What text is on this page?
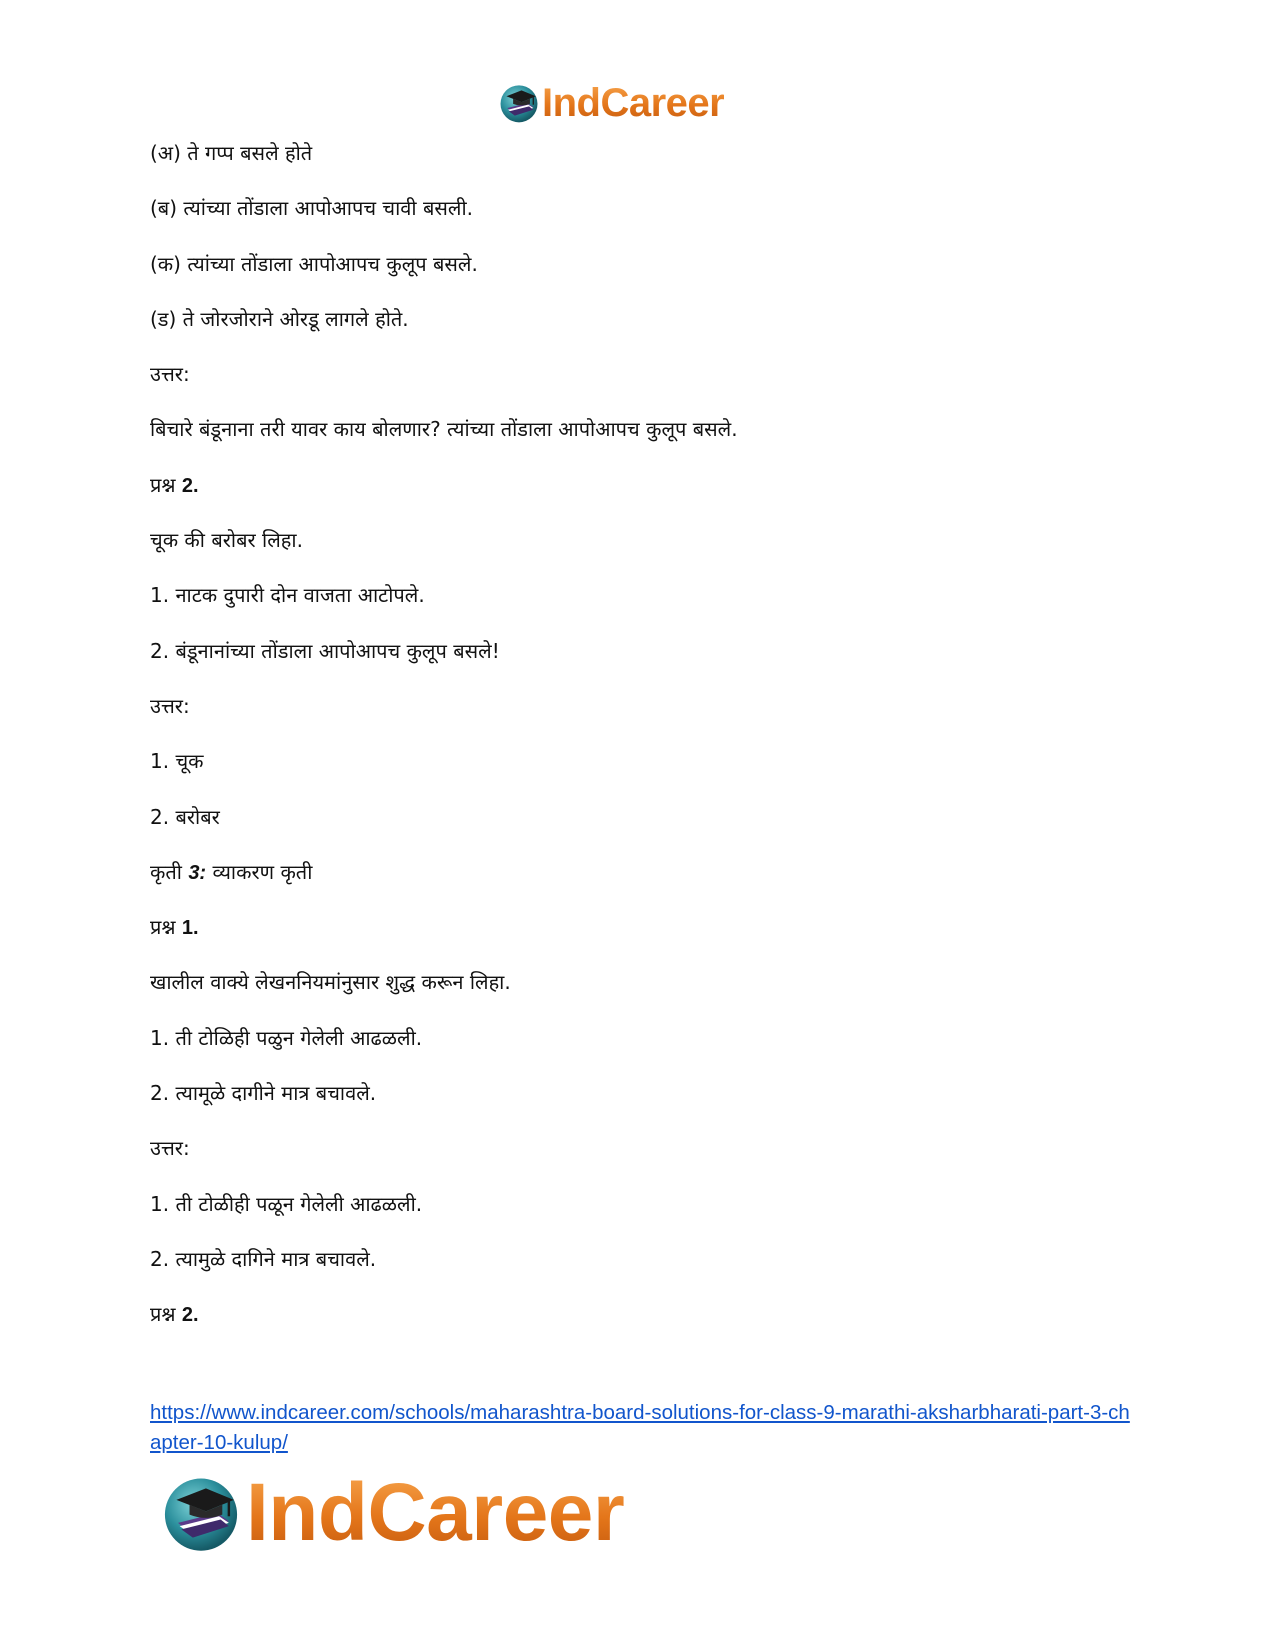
IndCareer
(अ) ते गप्प बसले होते
(ब) त्यांच्या तोंडाला आपोआपच चावी बसली.
(क) त्यांच्या तोंडाला आपोआपच कुलूप बसले.
(ड) ते जोरजोराने ओरडू लागले होते.
उत्तर:
बिचारे बंडूनाना तरी यावर काय बोलणार? त्यांच्या तोंडाला आपोआपच कुलूप बसले.
प्रश्न 2.
चूक की बरोबर लिहा.
1. नाटक दुपारी दोन वाजता आटोपले.
2. बंडूनानांच्या तोंडाला आपोआपच कुलूप बसले!
उत्तर:
1. चूक
2. बरोबर
कृती 3: व्याकरण कृती
प्रश्न 1.
खालील वाक्ये लेखननियमांनुसार शुद्ध करून लिहा.
1. ती टोळिही पळुन गेलेली आढळली.
2. त्यामूळे दागीने मात्र बचावले.
उत्तर:
1. ती टोळीही पळून गेलेली आढळली.
2. त्यामुळे दागिने मात्र बचावले.
प्रश्न 2.
https://www.indcareer.com/schools/maharashtra-board-solutions-for-class-9-marathi-aksharbharati-part-3-chapter-10-kulup/
IndCareer
